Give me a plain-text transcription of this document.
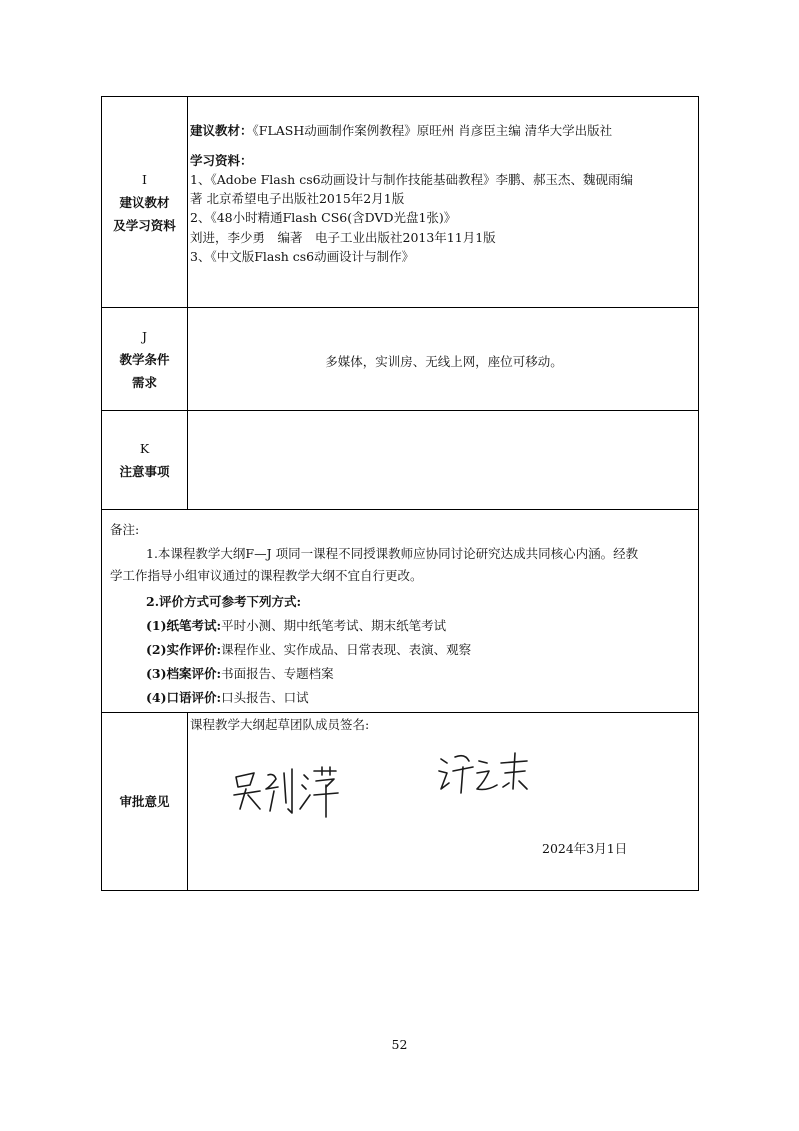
I
建议教材
及学习资料
建议教材：《FLASH动画制作案例教程》原旺州 肖彦臣主编 清华大学出版社
学习资料：
1、《Adobe Flash cs6动画设计与制作技能基础教程》李鹏、郝玉杰、魏砚雨编
著 北京希望电子出版社2015年2月1版
2、《48小时精通Flash CS6(含DVD光盘1张)》
刘进，李少勇　编著　电子工业出版社2013年11月1版
3、《中文版Flash cs6动画设计与制作》
J
教学条件
需求
多媒体，实训房、无线上网，座位可移动。
K
注意事项
备注:
1.本课程教学大纲F—J 项同一课程不同授课教师应协同讨论研究达成共同核心内涵。经教
学工作指导小组审议通过的课程教学大纲不宜自行更改。
2.评价方式可参考下列方式:
(1)纸笔考试:平时小测、期中纸笔考试、期末纸笔考试
(2)实作评价:课程作业、实作成品、日常表现、表演、观察
(3)档案评价:书面报告、专题档案
(4)口语评价:口头报告、口试
审批意见
课程教学大纲起草团队成员签名:
2024年3月1日
52
